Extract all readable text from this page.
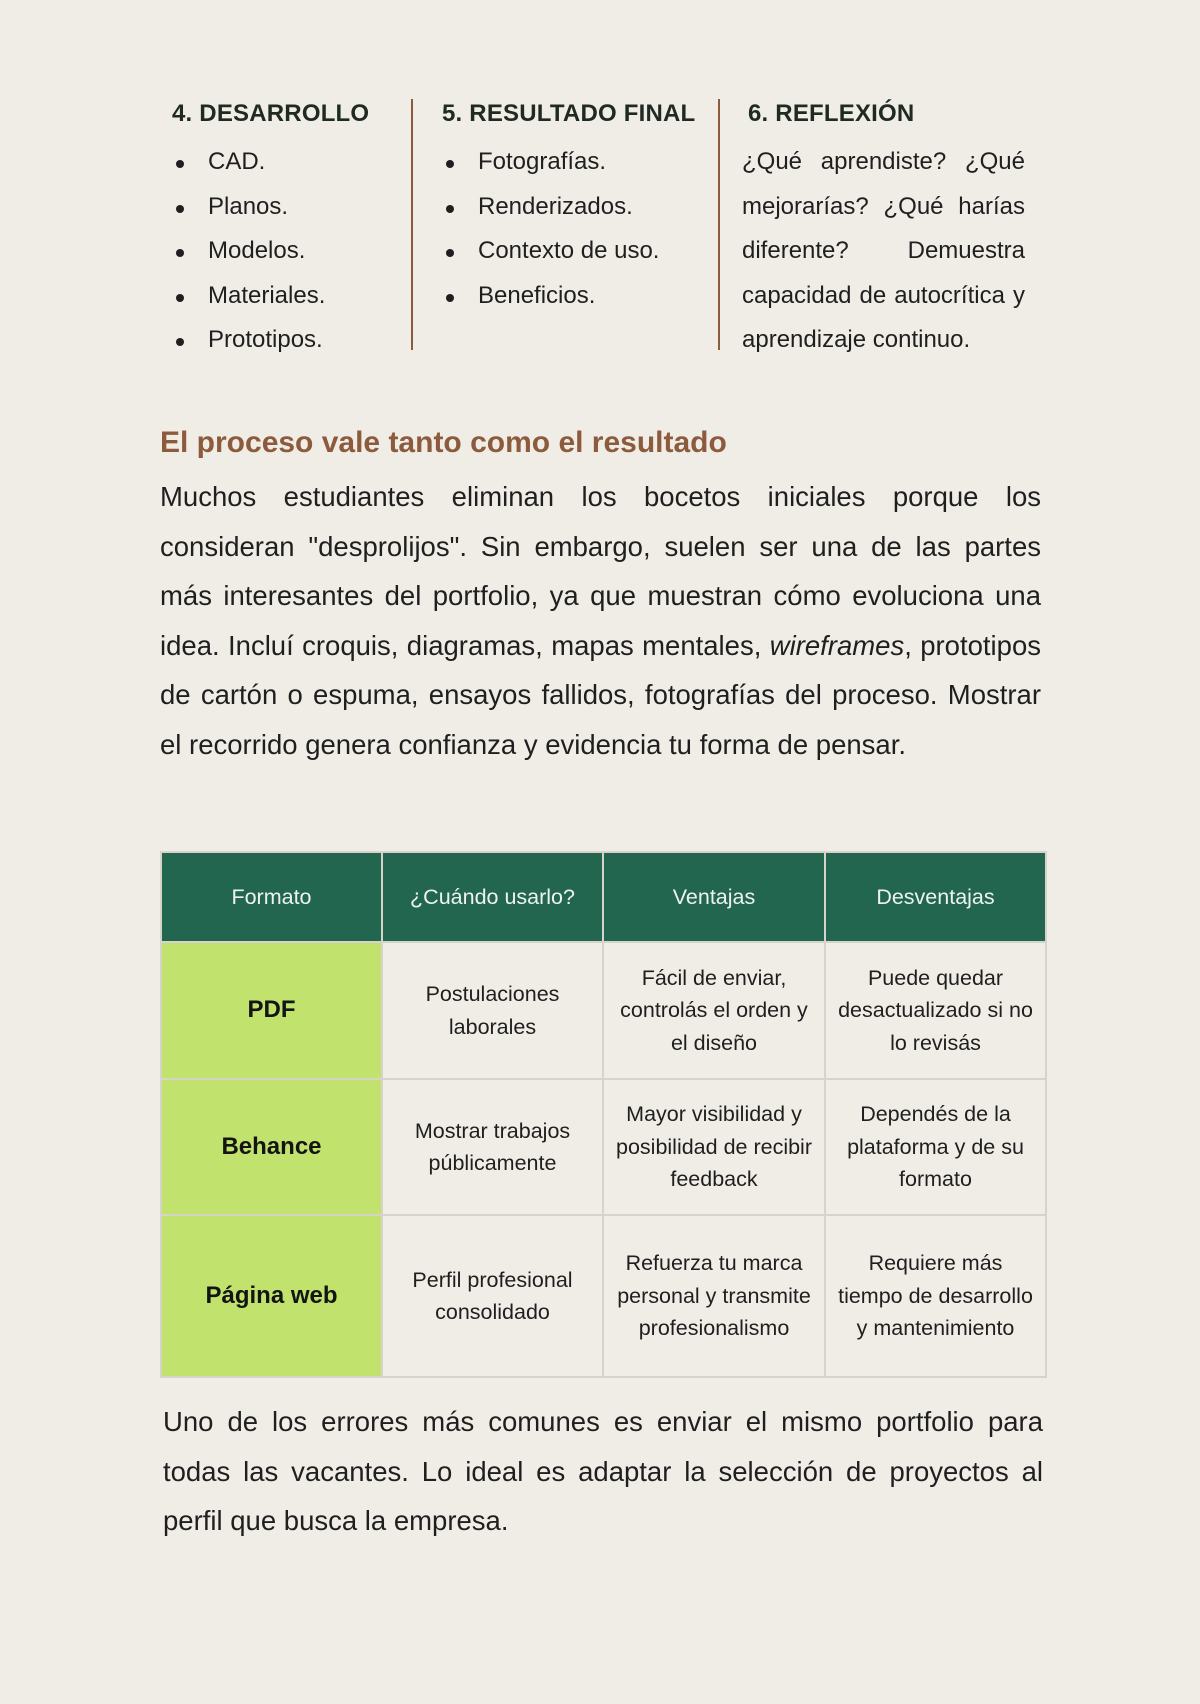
4. DESARROLLO
CAD.
Planos.
Modelos.
Materiales.
Prototipos.
5. RESULTADO FINAL
Fotografías.
Renderizados.
Contexto de uso.
Beneficios.
6. REFLEXIÓN

¿Qué aprendiste? ¿Qué mejorarías? ¿Qué harías diferente? Demuestra capacidad de autocrítica y aprendizaje continuo.

El proceso vale tanto como el resultado

Muchos estudiantes eliminan los bocetos iniciales porque los consideran "desprolijos". Sin embargo, suelen ser una de las partes más interesantes del portfolio, ya que muestran cómo evoluciona una idea. Incluí croquis, diagramas, mapas mentales, wireframes, prototipos de cartón o espuma, ensayos fallidos, fotografías del proceso. Mostrar el recorrido genera confianza y evidencia tu forma de pensar.

Formato	¿Cuándo usarlo?	Ventajas	Desventajas
PDF	Postulaciones laborales	Fácil de enviar, controlás el orden y el diseño	Puede quedar desactualizado si no lo revisás
Behance	Mostrar trabajos públicamente	Mayor visibilidad y posibilidad de recibir feedback	Dependés de la plataforma y de su formato
Página web	Perfil profesional consolidado	Refuerza tu marca personal y transmite profesionalismo	Requiere más tiempo de desarrollo y mantenimiento

Uno de los errores más comunes es enviar el mismo portfolio para todas las vacantes. Lo ideal es adaptar la selección de proyectos al perfil que busca la empresa.
